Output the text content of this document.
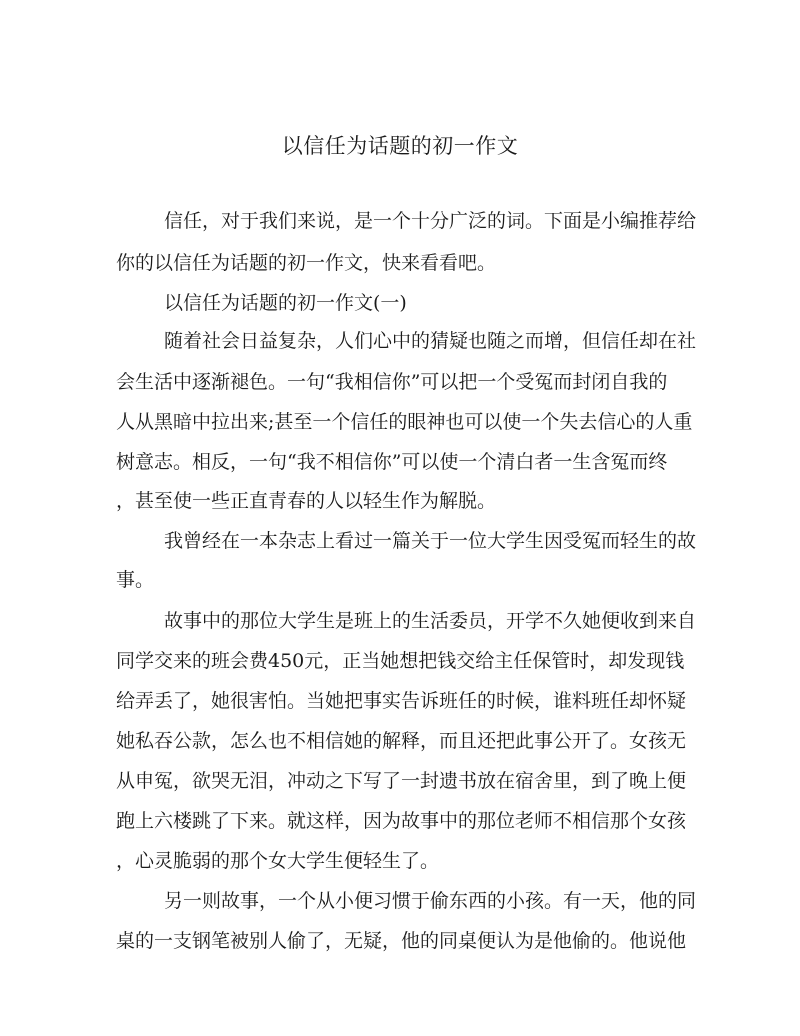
以信任为话题的初一作文

信任，对于我们来说，是一个十分广泛的词。下面是小编推荐给

你的以信任为话题的初一作文，快来看看吧。

以信任为话题的初一作文(一)

随着社会日益复杂，人们心中的猜疑也随之而增，但信任却在社

会生活中逐渐褪色。一句“我相信你”可以把一个受冤而封闭自我的

人从黑暗中拉出来;甚至一个信任的眼神也可以使一个失去信心的人重

树意志。相反，一句“我不相信你”可以使一个清白者一生含冤而终

，甚至使一些正直青春的人以轻生作为解脱。

我曾经在一本杂志上看过一篇关于一位大学生因受冤而轻生的故

事。

故事中的那位大学生是班上的生活委员，开学不久她便收到来自

同学交来的班会费450元，正当她想把钱交给主任保管时，却发现钱

给弄丢了，她很害怕。当她把事实告诉班任的时候，谁料班任却怀疑

她私吞公款，怎么也不相信她的解释，而且还把此事公开了。女孩无

从申冤，欲哭无泪，冲动之下写了一封遗书放在宿舍里，到了晚上便

跑上六楼跳了下来。就这样，因为故事中的那位老师不相信那个女孩

，心灵脆弱的那个女大学生便轻生了。

另一则故事，一个从小便习惯于偷东西的小孩。有一天，他的同

桌的一支钢笔被别人偷了，无疑，他的同桌便认为是他偷的。他说他
